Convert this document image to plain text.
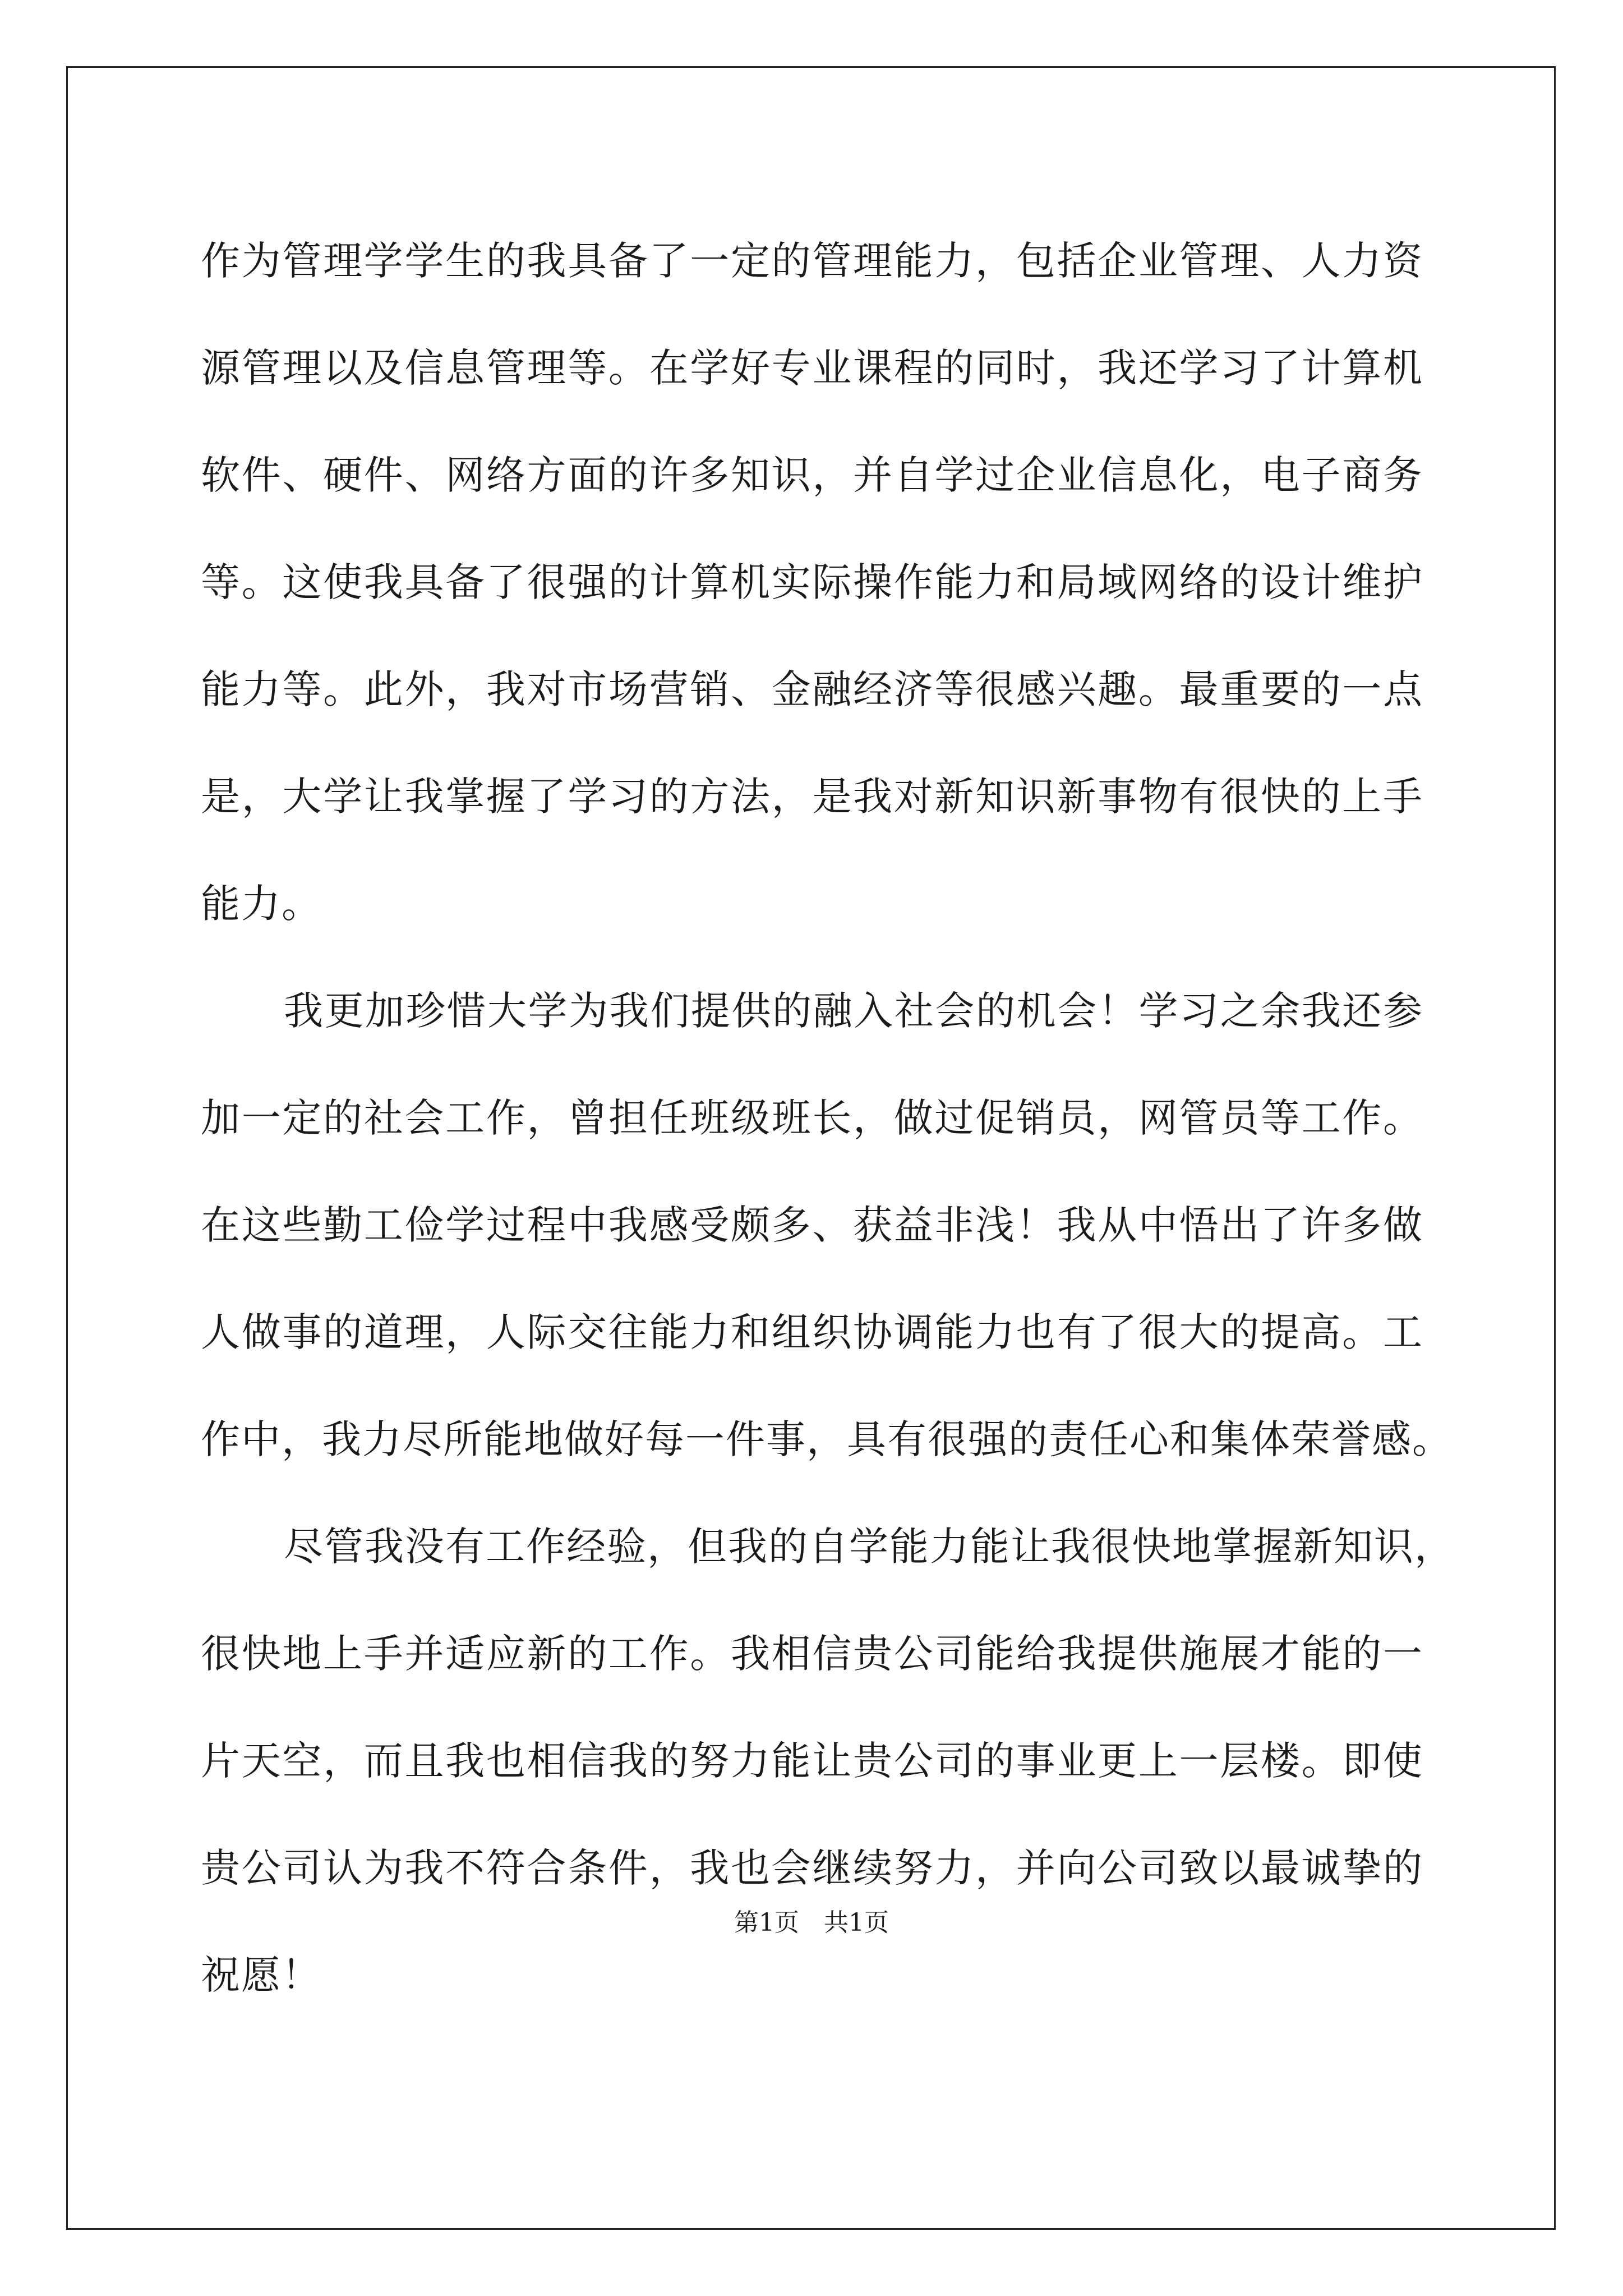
作为管理学学生的我具备了一定的管理能力，包括企业管理、人力资
源管理以及信息管理等。在学好专业课程的同时，我还学习了计算机
软件、硬件、网络方面的许多知识，并自学过企业信息化，电子商务
等。这使我具备了很强的计算机实际操作能力和局域网络的设计维护
能力等。此外，我对市场营销、金融经济等很感兴趣。最重要的一点
是，大学让我掌握了学习的方法，是我对新知识新事物有很快的上手
能力。
我更加珍惜大学为我们提供的融入社会的机会！学习之余我还参
加一定的社会工作，曾担任班级班长，做过促销员，网管员等工作。
在这些勤工俭学过程中我感受颇多、获益非浅！我从中悟出了许多做
人做事的道理，人际交往能力和组织协调能力也有了很大的提高。工
作中，我力尽所能地做好每一件事，具有很强的责任心和集体荣誉感。
尽管我没有工作经验，但我的自学能力能让我很快地掌握新知识，
很快地上手并适应新的工作。我相信贵公司能给我提供施展才能的一
片天空，而且我也相信我的努力能让贵公司的事业更上一层楼。即使
贵公司认为我不符合条件，我也会继续努力，并向公司致以最诚挚的
祝愿！
第1页　共1页
